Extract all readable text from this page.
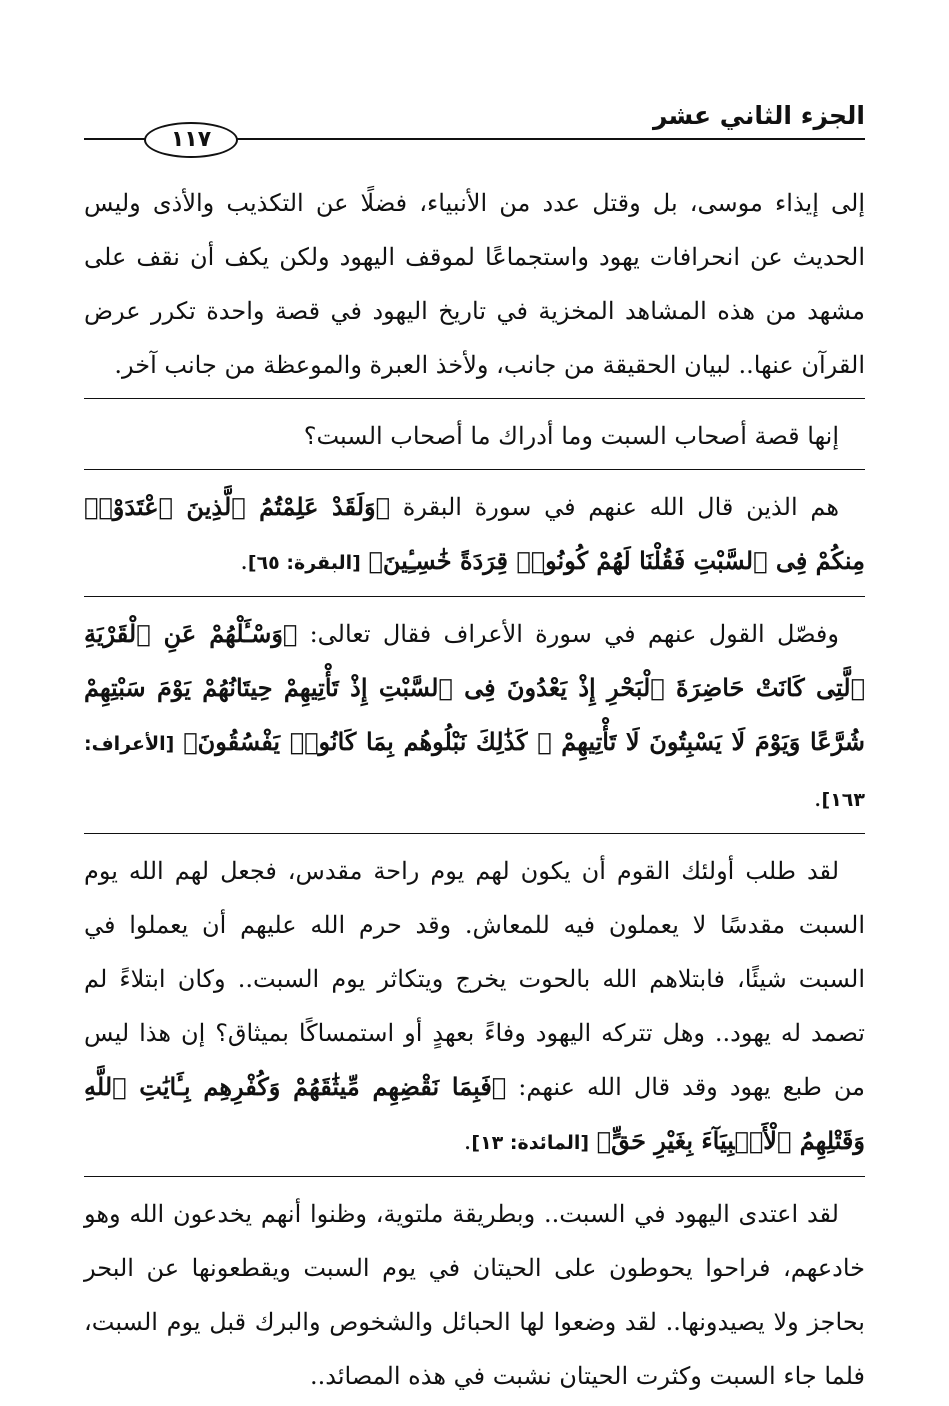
الجزء الثاني عشر
١١٧

إلى إيذاء موسى، بل وقتل عدد من الأنبياء، فضلًا عن التكذيب والأذى وليس الحديث عن انحرافات يهود واستجماعًا لموقف اليهود ولكن يكف أن نقف على مشهد من هذه المشاهد المخزية في تاريخ اليهود في قصة واحدة تكرر عرض القرآن عنها.. لبيان الحقيقة من جانب، ولأخذ العبرة والموعظة من جانب آخر.

إنها قصة أصحاب السبت وما أدراك ما أصحاب السبت؟

هم الذين قال الله عنهم في سورة البقرة ﴿وَلَقَدْ عَلِمْتُمُ ٱلَّذِينَ ٱعْتَدَوْا۟ مِنكُمْ فِى ٱلسَّبْتِ فَقُلْنَا لَهُمْ كُونُوا۟ قِرَدَةً خَٰسِـِٔينَ﴾ [البقرة: ٦٥].

وفصّل القول عنهم في سورة الأعراف فقال تعالى: ﴿وَسْـَٔلْهُمْ عَنِ ٱلْقَرْيَةِ ٱلَّتِى كَانَتْ حَاضِرَةَ ٱلْبَحْرِ إِذْ يَعْدُونَ فِى ٱلسَّبْتِ إِذْ تَأْتِيهِمْ حِيتَانُهُمْ يَوْمَ سَبْتِهِمْ شُرَّعًا وَيَوْمَ لَا يَسْبِتُونَ لَا تَأْتِيهِمْ ۚ كَذَٰلِكَ نَبْلُوهُم بِمَا كَانُوا۟ يَفْسُقُونَ﴾ [الأعراف: ١٦٣].

لقد طلب أولئك القوم أن يكون لهم يوم راحة مقدس، فجعل لهم الله يوم السبت مقدسًا لا يعملون فيه للمعاش. وقد حرم الله عليهم أن يعملوا في السبت شيئًا، فابتلاهم الله بالحوت يخرج ويتكاثر يوم السبت.. وكان ابتلاءً لم تصمد له يهود.. وهل تتركه اليهود وفاءً بعهدٍ أو استمساكًا بميثاق؟ إن هذا ليس من طبع يهود وقد قال الله عنهم: ﴿فَبِمَا نَقْضِهِم مِّيثَٰقَهُمْ وَكُفْرِهِم بِـَٔايَٰتِ ٱللَّهِ وَقَتْلِهِمُ ٱلْأَنۢبِيَآءَ بِغَيْرِ حَقٍّ﴾ [المائدة: ١٣].

لقد اعتدى اليهود في السبت.. وبطريقة ملتوية، وظنوا أنهم يخدعون الله وهو خادعهم، فراحوا يحوطون على الحيتان في يوم السبت ويقطعونها عن البحر بحاجز ولا يصيدونها.. لقد وضعوا لها الحبائل والشخوص والبرك قبل يوم السبت، فلما جاء السبت وكثرت الحيتان نشبت في هذه المصائد..
